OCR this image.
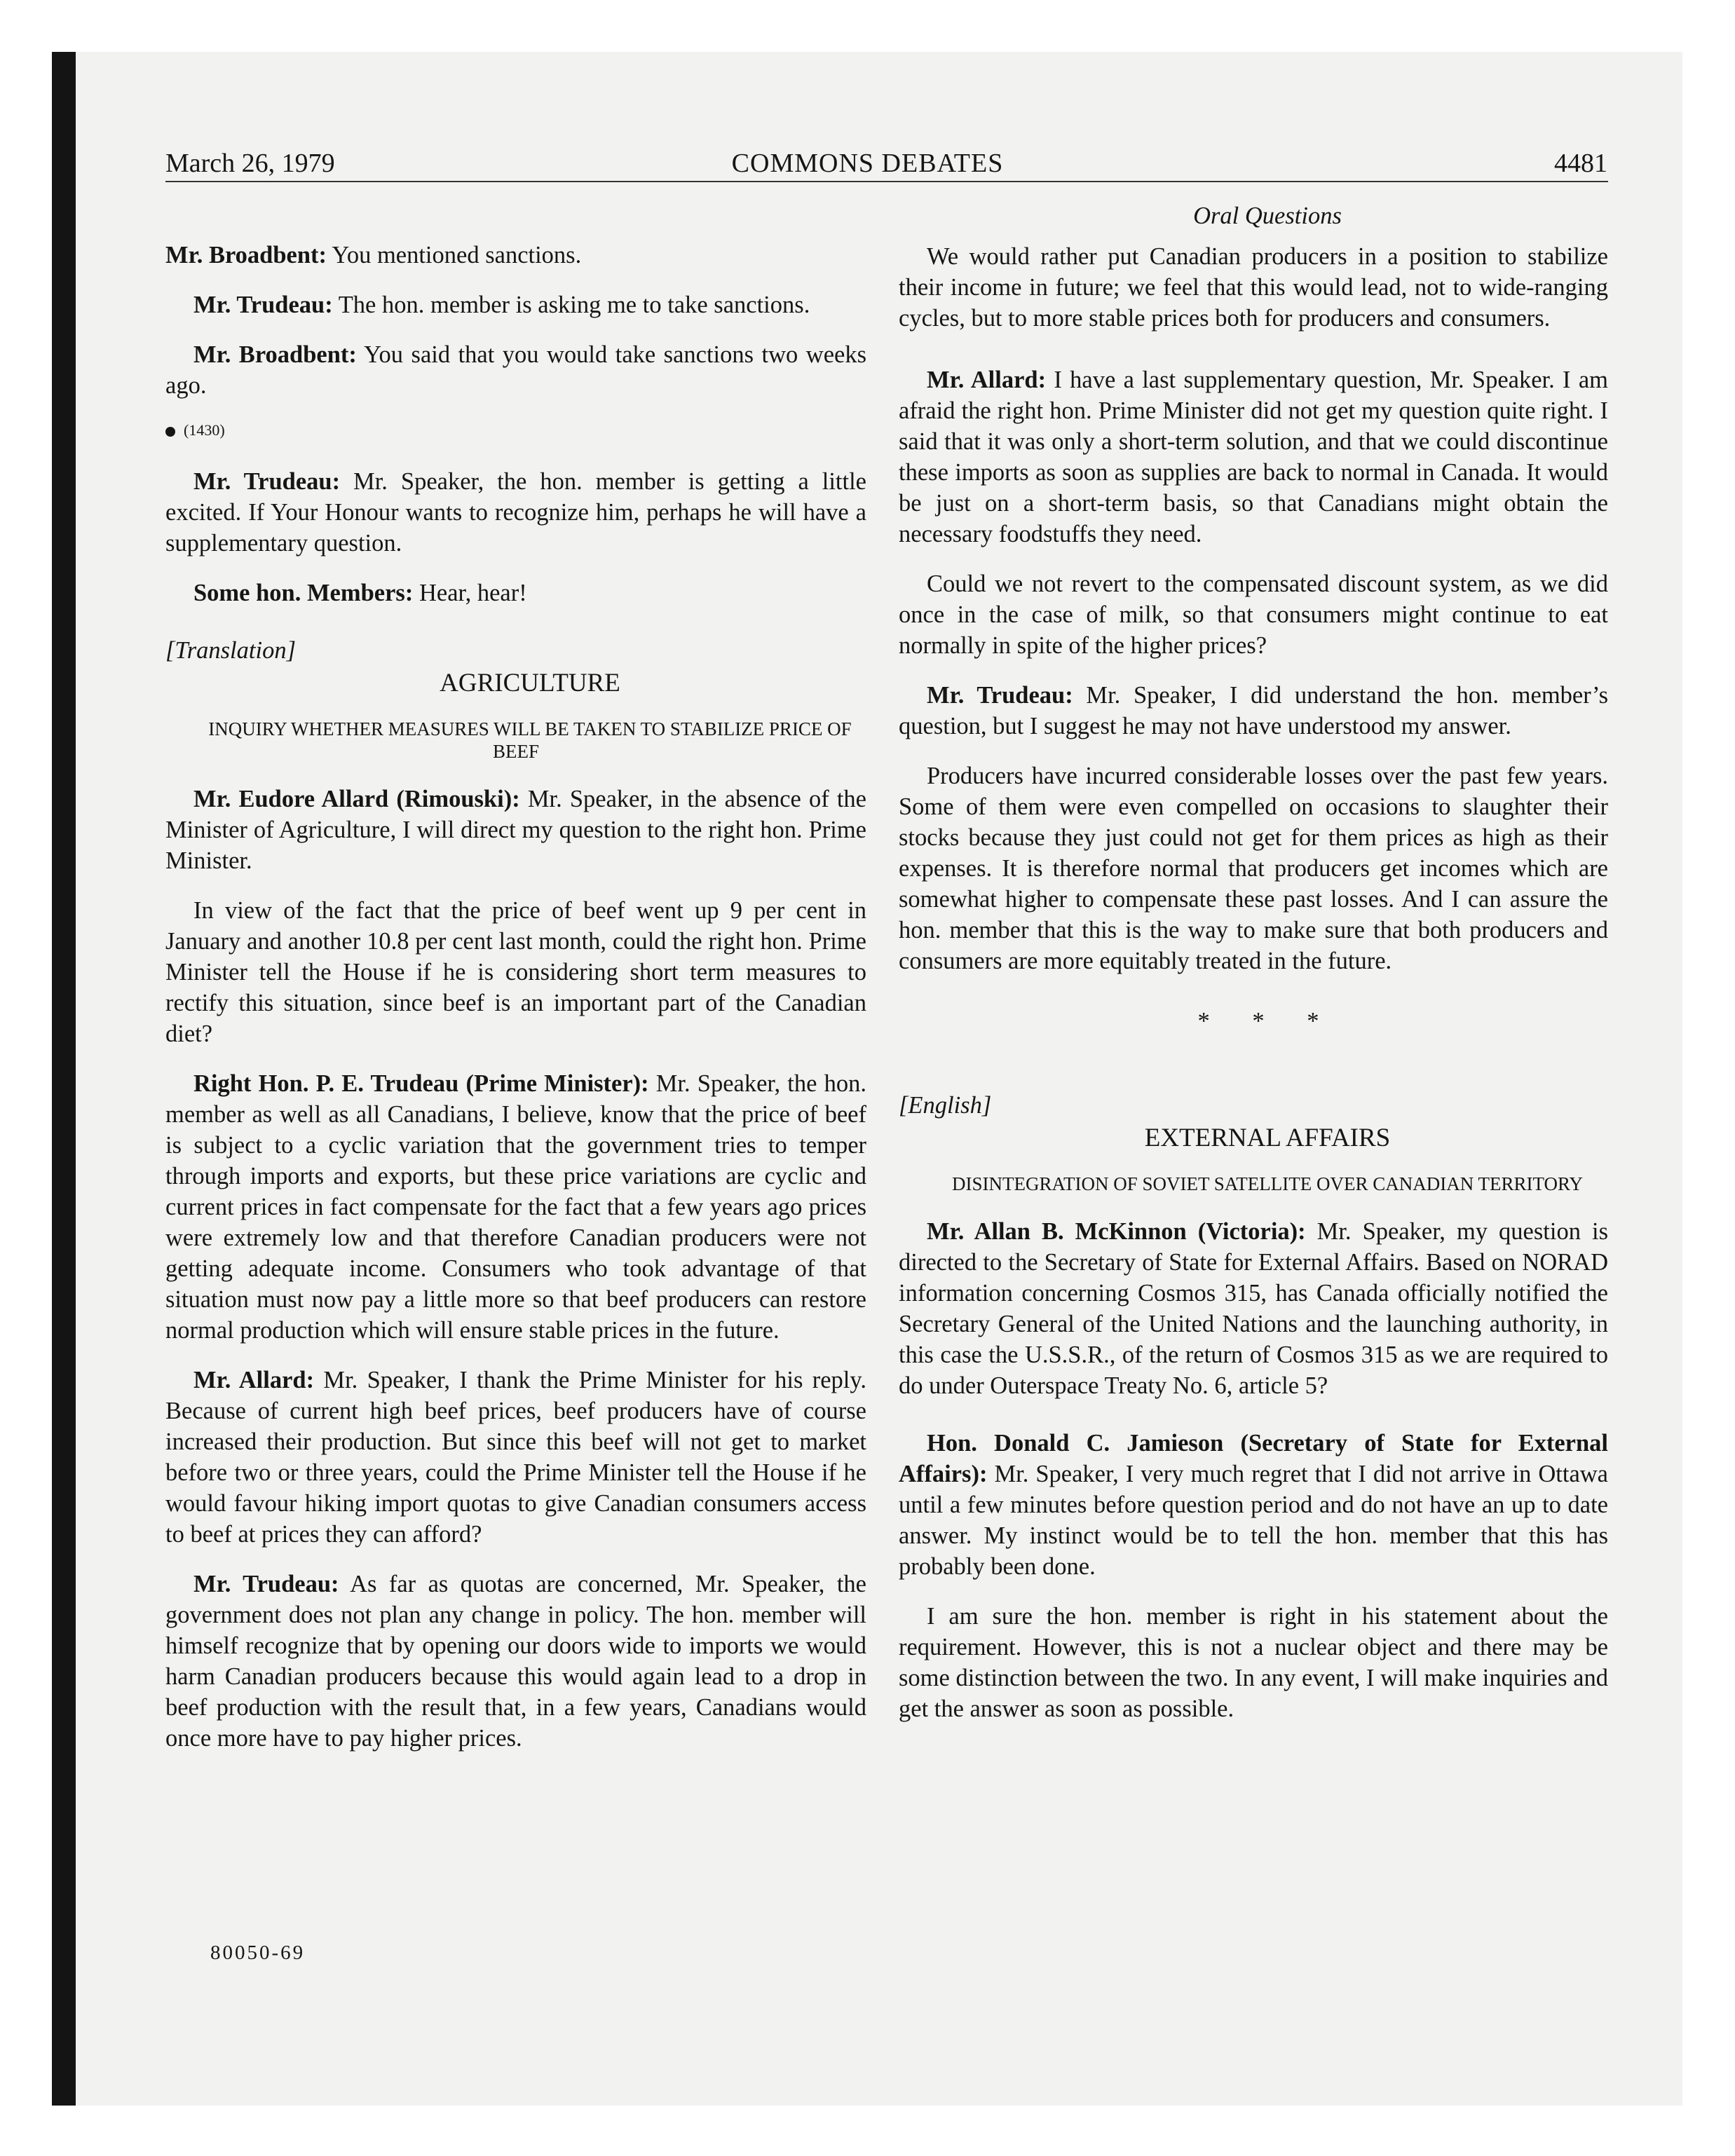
March 26, 1979	COMMONS DEBATES	4481

Mr. Broadbent: You mentioned sanctions.

Mr. Trudeau: The hon. member is asking me to take sanctions.

Mr. Broadbent: You said that you would take sanctions two weeks ago.

(1430)

Mr. Trudeau: Mr. Speaker, the hon. member is getting a little excited. If Your Honour wants to recognize him, perhaps he will have a supplementary question.

Some hon. Members: Hear, hear!

[Translation]

AGRICULTURE

INQUIRY WHETHER MEASURES WILL BE TAKEN TO STABILIZE PRICE OF BEEF

Mr. Eudore Allard (Rimouski): Mr. Speaker, in the absence of the Minister of Agriculture, I will direct my question to the right hon. Prime Minister.

In view of the fact that the price of beef went up 9 per cent in January and another 10.8 per cent last month, could the right hon. Prime Minister tell the House if he is considering short term measures to rectify this situation, since beef is an important part of the Canadian diet?

Right Hon. P. E. Trudeau (Prime Minister): Mr. Speaker, the hon. member as well as all Canadians, I believe, know that the price of beef is subject to a cyclic variation that the government tries to temper through imports and exports, but these price variations are cyclic and current prices in fact compensate for the fact that a few years ago prices were extremely low and that therefore Canadian producers were not getting adequate income. Consumers who took advantage of that situation must now pay a little more so that beef producers can restore normal production which will ensure stable prices in the future.

Mr. Allard: Mr. Speaker, I thank the Prime Minister for his reply. Because of current high beef prices, beef producers have of course increased their production. But since this beef will not get to market before two or three years, could the Prime Minister tell the House if he would favour hiking import quotas to give Canadian consumers access to beef at prices they can afford?

Mr. Trudeau: As far as quotas are concerned, Mr. Speaker, the government does not plan any change in policy. The hon. member will himself recognize that by opening our doors wide to imports we would harm Canadian producers because this would again lead to a drop in beef production with the result that, in a few years, Canadians would once more have to pay higher prices.

Oral Questions

We would rather put Canadian producers in a position to stabilize their income in future; we feel that this would lead, not to wide-ranging cycles, but to more stable prices both for producers and consumers.

Mr. Allard: I have a last supplementary question, Mr. Speaker. I am afraid the right hon. Prime Minister did not get my question quite right. I said that it was only a short-term solution, and that we could discontinue these imports as soon as supplies are back to normal in Canada. It would be just on a short-term basis, so that Canadians might obtain the necessary foodstuffs they need.

Could we not revert to the compensated discount system, as we did once in the case of milk, so that consumers might continue to eat normally in spite of the higher prices?

Mr. Trudeau: Mr. Speaker, I did understand the hon. member’s question, but I suggest he may not have understood my answer.

Producers have incurred considerable losses over the past few years. Some of them were even compelled on occasions to slaughter their stocks because they just could not get for them prices as high as their expenses. It is therefore normal that producers get incomes which are somewhat higher to compensate these past losses. And I can assure the hon. member that this is the way to make sure that both producers and consumers are more equitably treated in the future.

* * *

[English]

EXTERNAL AFFAIRS

DISINTEGRATION OF SOVIET SATELLITE OVER CANADIAN TERRITORY

Mr. Allan B. McKinnon (Victoria): Mr. Speaker, my question is directed to the Secretary of State for External Affairs. Based on NORAD information concerning Cosmos 315, has Canada officially notified the Secretary General of the United Nations and the launching authority, in this case the U.S.S.R., of the return of Cosmos 315 as we are required to do under Outerspace Treaty No. 6, article 5?

Hon. Donald C. Jamieson (Secretary of State for External Affairs): Mr. Speaker, I very much regret that I did not arrive in Ottawa until a few minutes before question period and do not have an up to date answer. My instinct would be to tell the hon. member that this has probably been done.

I am sure the hon. member is right in his statement about the requirement. However, this is not a nuclear object and there may be some distinction between the two. In any event, I will make inquiries and get the answer as soon as possible.

80050-69
